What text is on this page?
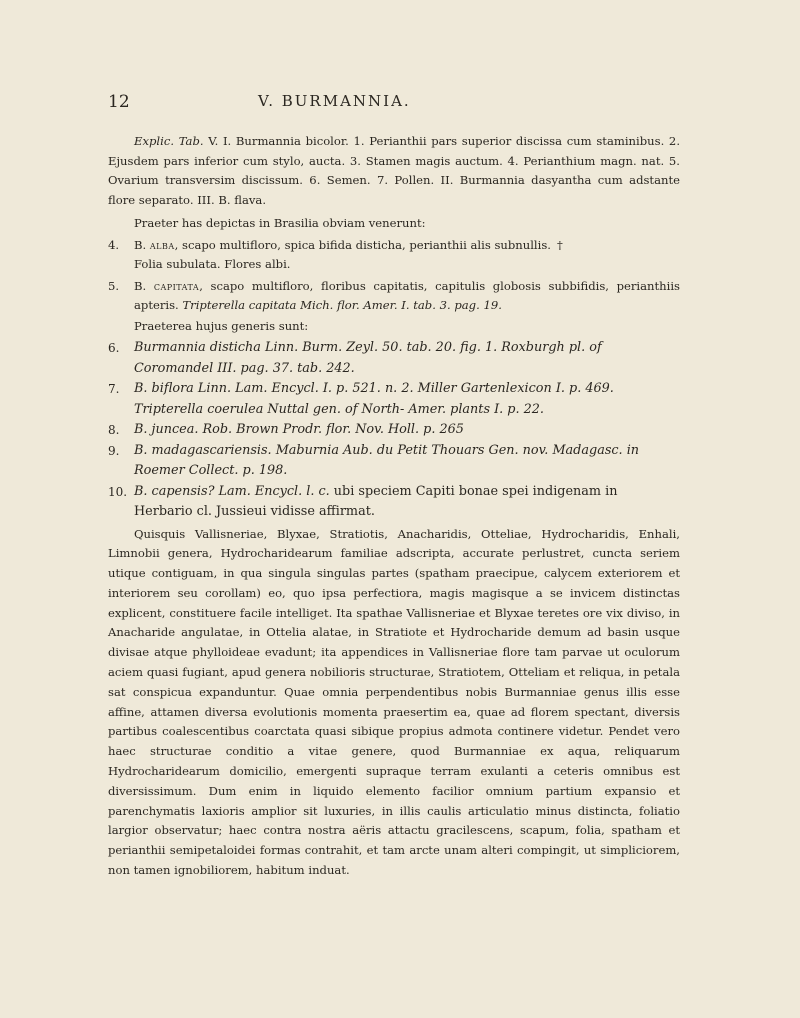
12	V. BURMANNIA.

Explic. Tab. V. I. Burmannia bicolor. 1. Perianthii pars superior discissa cum staminibus. 2. Ejusdem pars inferior cum stylo, aucta. 3. Stamen magis auctum. 4. Perianthium magn. nat. 5. Ovarium transversim discissum. 6. Semen. 7. Pollen. II. Burmannia dasyantha cum adstante flore separato. III. B. flava.

Praeter has depictas in Brasilia obviam venerunt:

4. B. alba, scapo multifloro, spica bifida disticha, perianthii alis subnullis. †

Folia subulata. Flores albi.

5. B. capitata, scapo multifloro, floribus capitatis, capitulis globosis subbifidis, perianthiis apteris. Tripterella capitata Mich. flor. Amer. I. tab. 3. pag. 19.

Praeterea hujus generis sunt:

6. Burmannia disticha Linn. Burm. Zeyl. 50. tab. 20. fig. 1. Roxburgh pl. of Coromandel III. pag. 37. tab. 242.

7. B. biflora Linn. Lam. Encycl. I. p. 521. n. 2. Miller Gartenlexicon I. p. 469. Tripterella coerulea Nuttal gen. of North- Amer. plants I. p. 22.

8. B. juncea. Rob. Brown Prodr. flor. Nov. Holl. p. 265

9. B. madagascariensis. Maburnia Aub. du Petit Thouars Gen. nov. Madagasc. in Roemer Collect. p. 198.

10. B. capensis? Lam. Encycl. l. c. ubi speciem Capiti bonae spei indigenam in Herbario cl. Jussieui vidisse affirmat.

Quisquis Vallisneriae, Blyxae, Stratiotis, Anacharidis, Otteliae, Hydrocharidis, Enhali, Limnobii genera, Hydrocharidearum familiae adscripta, accurate perlustret, cuncta seriem utique contiguam, in qua singula singulas partes (spatham praecipue, calycem exteriorem et interiorem seu corollam) eo, quo ipsa perfectiora, magis magisque a se invicem distinctas explicent, constituere facile intelliget. Ita spathae Vallisneriae et Blyxae teretes ore vix diviso, in Anacharide angulatae, in Ottelia alatae, in Stratiote et Hydrocharide demum ad basin usque divisae atque phylloideae evadunt; ita appendices in Vallisneriae flore tam parvae ut oculorum aciem quasi fugiant, apud genera nobilioris structurae, Stratiotem, Otteliam et reliqua, in petala sat conspicua expanduntur. Quae omnia perpendentibus nobis Burmanniae genus illis esse affine, attamen diversa evolutionis momenta praesertim ea, quae ad florem spectant, diversis partibus coalescentibus coarctata quasi sibique propius admota continere videtur. Pendet vero haec structurae conditio a vitae genere, quod Burmanniae ex aqua, reliquarum Hydrocharidearum domicilio, emergenti supraque terram exulanti a ceteris omnibus est diversissimum. Dum enim in liquido elemento facilior omnium partium expansio et parenchymatis laxioris amplior sit luxuries, in illis caulis articulatio minus distincta, foliatio largior observatur; haec contra nostra aëris attactu gracilescens, scapum, folia, spatham et perianthii semipetaloidei formas contrahit, et tam arcte unam alteri compingit, ut simpliciorem, non tamen ignobiliorem, habitum induat.
